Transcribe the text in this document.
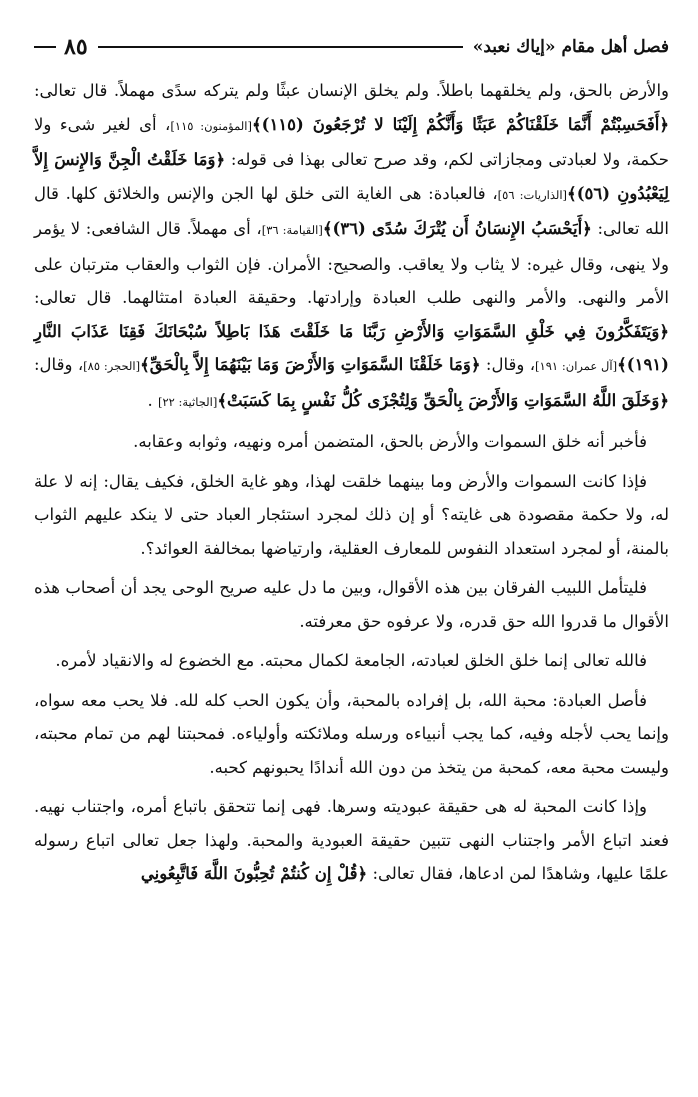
فصل أهل مقام «إياك نعبد»
٨٥

والأرض بالحق، ولم يخلقهما باطلاً. ولم يخلق الإنسان عبثًا ولم يتركه سدًى مهملاً. قال تعالى: ﴿أَفَحَسِبْتُمْ أَنَّمَا خَلَقْنَاكُمْ عَبَثًا وَأَنَّكُمْ إِلَيْنَا لا تُرْجَعُونَ (١١٥)﴾[المؤمنون: ١١٥]، أى لغير شىء ولا حكمة، ولا لعبادتى ومجازاتى لكم، وقد صرح تعالى بهذا فى قوله: ﴿وَمَا خَلَقْتُ الْجِنَّ وَالإِنسَ إِلاَّ لِيَعْبُدُونِ (٥٦)﴾[الذاريات: ٥٦]، فالعبادة: هى الغاية التى خلق لها الجن والإنس والخلائق كلها. قال الله تعالى: ﴿أَيَحْسَبُ الإِنسَانُ أَن يُتْرَكَ سُدًى (٣٦)﴾[القيامة: ٣٦]، أى مهملاً. قال الشافعى: لا يؤمر ولا ينهى، وقال غيره: لا يثاب ولا يعاقب. والصحيح: الأمران. فإن الثواب والعقاب مترتبان على الأمر والنهى. والأمر والنهى طلب العبادة وإرادتها. وحقيقة العبادة امتثالهما. قال تعالى: ﴿وَيَتَفَكَّرُونَ فِي خَلْقِ السَّمَوَاتِ وَالأَرْضِ رَبَّنَا مَا خَلَقْتَ هَذَا بَاطِلاً سُبْحَانَكَ فَقِنَا عَذَابَ النَّارِ (١٩١)﴾[آل عمران: ١٩١]، وقال: ﴿وَمَا خَلَقْنَا السَّمَوَاتِ وَالأَرْضَ وَمَا بَيْنَهُمَا إِلاَّ بِالْحَقِّ﴾[الحجر: ٨٥]، وقال: ﴿وَخَلَقَ اللَّهُ السَّمَوَاتِ وَالأَرْضَ بِالْحَقِّ وَلِتُجْزَى كُلُّ نَفْسٍ بِمَا كَسَبَتْ﴾[الجاثية: ٢٢] .

فأخبر أنه خلق السموات والأرض بالحق، المتضمن أمره ونهيه، وثوابه وعقابه.

فإذا كانت السموات والأرض وما بينهما خلقت لهذا، وهو غاية الخلق، فكيف يقال: إنه لا علة له، ولا حكمة مقصودة هى غايته؟ أو إن ذلك لمجرد استئجار العباد حتى لا ينكد عليهم الثواب بالمنة، أو لمجرد استعداد النفوس للمعارف العقلية، وارتياضها بمخالفة العوائد؟.

فليتأمل اللبيب الفرقان بين هذه الأقوال، وبين ما دل عليه صريح الوحى يجد أن أصحاب هذه الأقوال ما قدروا الله حق قدره، ولا عرفوه حق معرفته.

فالله تعالى إنما خلق الخلق لعبادته، الجامعة لكمال محبته. مع الخضوع له والانقياد لأمره.

فأصل العبادة: محبة الله، بل إفراده بالمحبة، وأن يكون الحب كله لله. فلا يحب معه سواه، وإنما يحب لأجله وفيه، كما يجب أنبياءه ورسله وملائكته وأولياءه. فمحبتنا لهم من تمام محبته، وليست محبة معه، كمحبة من يتخذ من دون الله أندادًا يحبونهم كحبه.

وإذا كانت المحبة له هى حقيقة عبوديته وسرها. فهى إنما تتحقق باتباع أمره، واجتناب نهيه. فعند اتباع الأمر واجتناب النهى تتبين حقيقة العبودية والمحبة. ولهذا جعل تعالى اتباع رسوله علمًا عليها، وشاهدًا لمن ادعاها، فقال تعالى: ﴿قُلْ إِن كُنتُمْ تُحِبُّونَ اللَّهَ فَاتَّبِعُونِي
